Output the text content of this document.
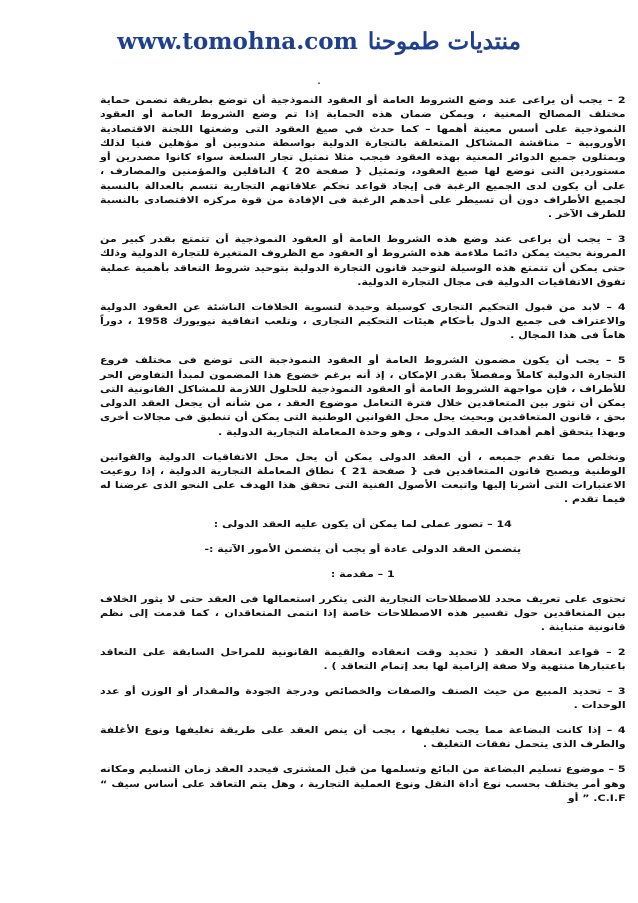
www.tomohna.com منتديات طموحنا
.

2 – يجب أن يراعى عند وضع الشروط العامة أو العقود النموذجية أن توضع بطريقة تضمن حماية مختلف المصالح المعنية ، ويمكن ضمان هذه الحماية إذا تم وضع الشروط العامة أو العقود النموذجية على أسس معينة أهمها – كما حدث في صيغ العقود التى وضعتها اللجنة الاقتصادية الأوروبية – مناقشة المشاكل المتعلقة بالتجارة الدولية بواسطة مندوبين أو مؤهلين فنيا لذلك ويمثلون جميع الدوائر المعنية بهذه العقود فيجب مثلا تمثيل تجار السلعة سواء كانوا مصدرين أو مستوردين التى توضع لها صيغ العقود، وتمثيل { صفحة 20 } الناقلين والمؤمنين والمصارف ، على أن يكون لدى الجميع الرغبة فى إيجاد قواعد تحكم علاقاتهم التجارية تتسم بالعدالة بالنسبة لجميع الأطراف دون أن تسيطر على أحدهم الرغبة فى الإفادة من قوة مركزه الاقتصادى بالنسبة للطرف الآخر .

3 – يجب أن يراعى عند وضع هذه الشروط العامة أو العقود النموذجية أن تتمتع بقدر كبير من المرونة بحيث يمكن دائما ملاءمة هذه الشروط أو العقود مع الظروف المتغيرة للتجارة الدولية وذلك حتى يمكن أن تتمتع هذه الوسيلة لتوحيد قانون التجارة الدولية بتوحيد شروط التعاقد بأهمية عملية تفوق الاتفاقيات الدولية فى مجال التجارة الدولية.

4 – لابد من قبول التحكيم التجارى كوسيلة وحيدة لتسوية الخلافات الناشئة عن العقود الدولية والاعتراف فى جميع الدول بأحكام هيئات التحكيم التجارى ، وتلعب اتفاقية نيويورك 1958 ، دوراً هاماً فى هذا المجال .

5 – يجب أن يكون مضمون الشروط العامة أو العقود النموذجية التى توضع فى مختلف فروع التجارة الدولية كاملاً ومفصلاً بقدر الإمكان ، إذ أنه برغم خضوع هذا المضمون لمبدأ التفاوض الحر للأطراف ، فإن مواجهة الشروط العامة أو العقود النموذجية للحلول اللازمة للمشاكل القانونية التى يمكن أن تثور بين المتعاقدين خلال فترة التعامل موضوع العقد ، من شأنه أن يجعل العقد الدولى بحق ، قانون المتعاقدين وبحيث يحل محل القوانين الوطنية التى يمكن أن تنطبق فى مجالات أخرى وبهذا يتحقق أهم أهداف العقد الدولى ، وهو وحدة المعاملة التجارية الدولية .

ونخلص مما تقدم جميعه ، أن العقد الدولى يمكن أن يحل محل الاتفاقيات الدولية والقوانين الوطنية ويصبح قانون المتعاقدين فى { صفحة 21 } نطاق المعاملة التجارية الدولية ، إذا روعيت الاعتبارات التى أشرنا إليها واتبعت الأصول الفنية التى تحقق هذا الهدف على النحو الذى عرضنا له فيما تقدم .

14 – تصور عملى لما يمكن أن يكون عليه العقد الدولى :

يتضمن العقد الدولى عادة أو يجب أن يتضمن الأمور الآتية :-

1 – مقدمة :

تحتوى على تعريف محدد للاصطلاحات التجارية التى يتكرر استعمالها فى العقد حتى لا يثور الخلاف بين المتعاقدين حول تفسير هذه الاصطلاحات خاصة إذا انتمى المتعاقدان ، كما قدمت إلى نظم قانونية متباينة .

2 – قواعد انعقاد العقد ( تحديد وقت انعقاده والقيمة القانونية للمراحل السابقة على التعاقد باعتبارها منتهية ولا صفة إلزامية لها بعد إتمام التعاقد ) .

3 – تحديد المبيع من حيث الصنف والصفات والخصائص ودرجة الجودة والمقدار أو الوزن أو عدد الوحدات .

4 – إذا كانت البضاعة مما يجب تغليفها ، يجب أن ينص العقد على طريقة تغليفها ونوع الأغلفة والطرف الذى يتحمل نفقات التغليف .

5 – موضوع تسليم البضاعة من البائع وتسلمها من قبل المشترى فيحدد العقد زمان التسليم ومكانه وهو أمر يختلف بحسب نوع أداة النقل ونوع العملية التجارية ، وهل يتم التعاقد على أساس سيف “ C.I.F. ” أو
